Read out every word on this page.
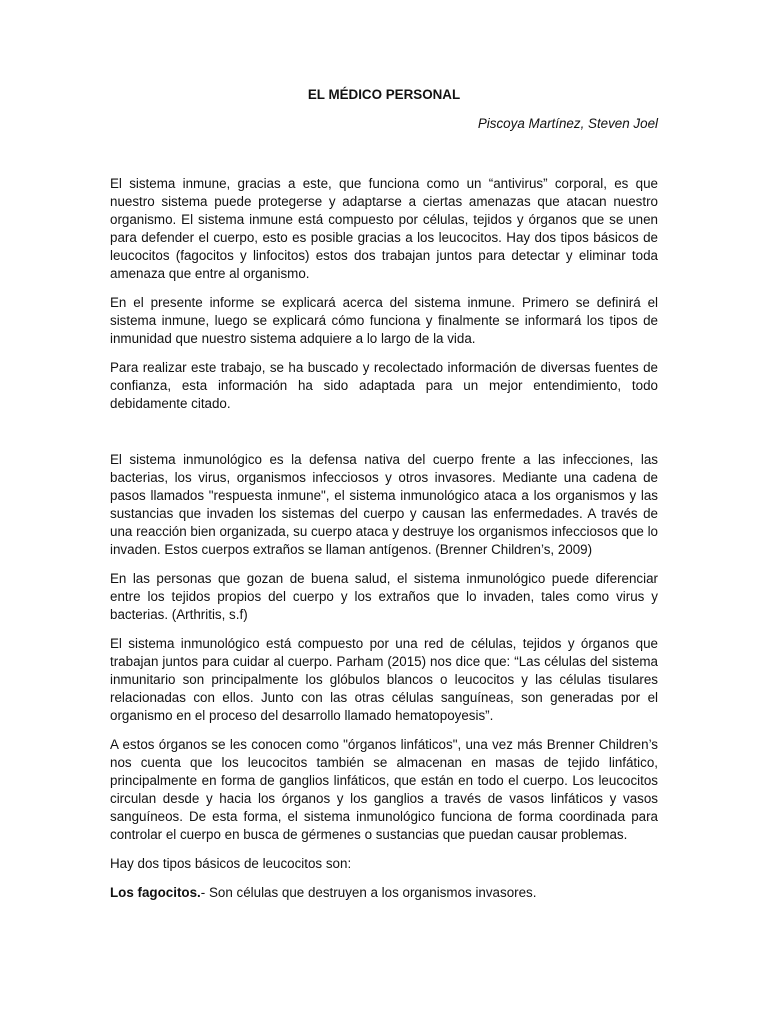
EL MÉDICO PERSONAL
Piscoya Martínez, Steven Joel

El sistema inmune, gracias a este, que funciona como un “antivirus” corporal, es que nuestro sistema puede protegerse y adaptarse a ciertas amenazas que atacan nuestro organismo. El sistema inmune está compuesto por células, tejidos y órganos que se unen para defender el cuerpo, esto es posible gracias a los leucocitos. Hay dos tipos básicos de leucocitos (fagocitos y linfocitos) estos dos trabajan juntos para detectar y eliminar toda amenaza que entre al organismo.

En el presente informe se explicará acerca del sistema inmune. Primero se definirá el sistema inmune, luego se explicará cómo funciona y finalmente se informará los tipos de inmunidad que nuestro sistema adquiere a lo largo de la vida.

Para realizar este trabajo, se ha buscado y recolectado información de diversas fuentes de confianza, esta información ha sido adaptada para un mejor entendimiento, todo debidamente citado.

El sistema inmunológico es la defensa nativa del cuerpo frente a las infecciones, las bacterias, los virus, organismos infecciosos y otros invasores. Mediante una cadena de pasos llamados "respuesta inmune", el sistema inmunológico ataca a los organismos y las sustancias que invaden los sistemas del cuerpo y causan las enfermedades. A través de una reacción bien organizada, su cuerpo ataca y destruye los organismos infecciosos que lo invaden. Estos cuerpos extraños se llaman antígenos. (Brenner Children’s, 2009)

En las personas que gozan de buena salud, el sistema inmunológico puede diferenciar entre los tejidos propios del cuerpo y los extraños que lo invaden, tales como virus y bacterias. (Arthritis, s.f)

El sistema inmunológico está compuesto por una red de células, tejidos y órganos que trabajan juntos para cuidar al cuerpo. Parham (2015) nos dice que: “Las células del sistema inmunitario son principalmente los glóbulos blancos o leucocitos y las células tisulares relacionadas con ellos. Junto con las otras células sanguíneas, son generadas por el organismo en el proceso del desarrollo llamado hematopoyesis”.

A estos órganos se les conocen como "órganos linfáticos", una vez más Brenner Children’s nos cuenta que los leucocitos también se almacenan en masas de tejido linfático, principalmente en forma de ganglios linfáticos, que están en todo el cuerpo. Los leucocitos circulan desde y hacia los órganos y los ganglios a través de vasos linfáticos y vasos sanguíneos. De esta forma, el sistema inmunológico funciona de forma coordinada para controlar el cuerpo en busca de gérmenes o sustancias que puedan causar problemas.

Hay dos tipos básicos de leucocitos son:

Los fagocitos.- Son células que destruyen a los organismos invasores.
